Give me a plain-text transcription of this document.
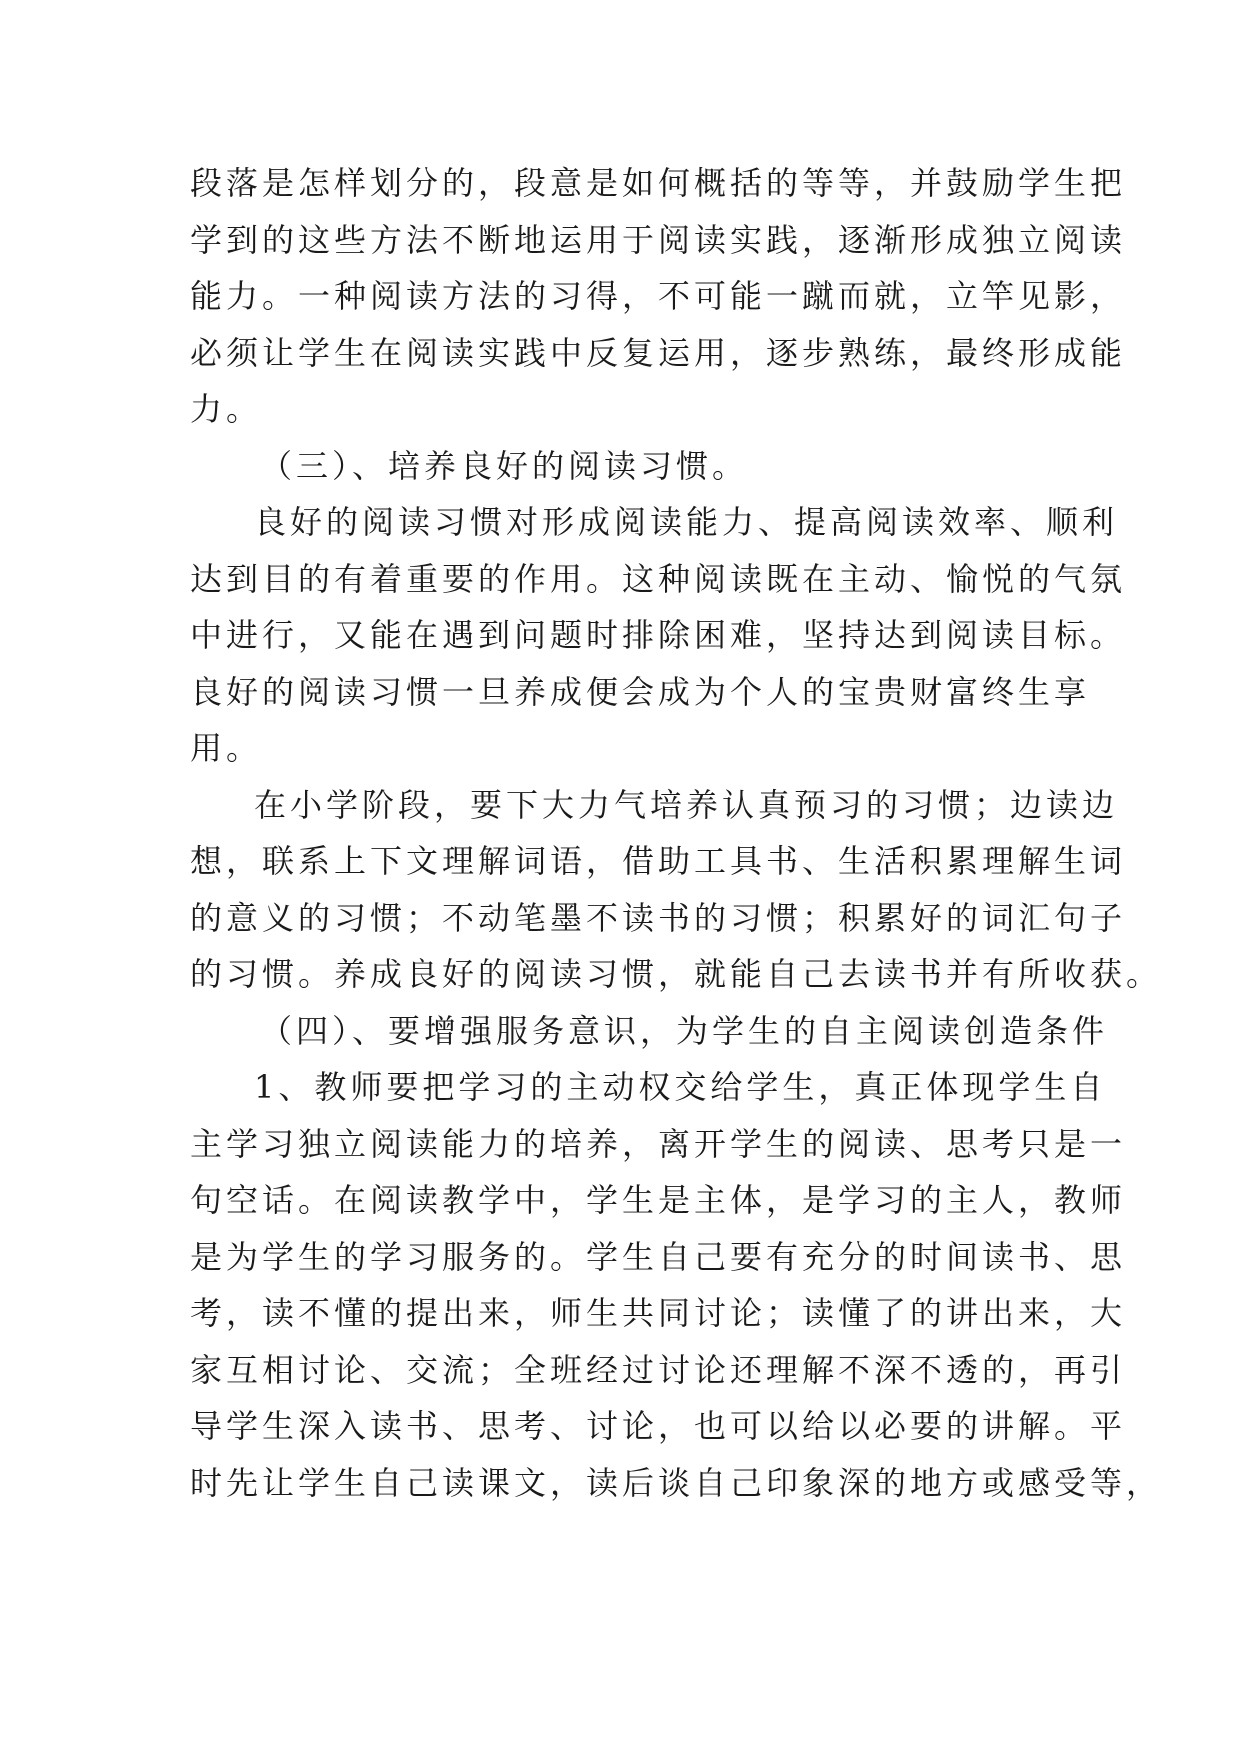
段落是怎样划分的，段意是如何概括的等等，并鼓励学生把
学到的这些方法不断地运用于阅读实践，逐渐形成独立阅读
能力。一种阅读方法的习得，不可能一蹴而就，立竿见影，
必须让学生在阅读实践中反复运用，逐步熟练，最终形成能
力。
（三）、培养良好的阅读习惯。
良好的阅读习惯对形成阅读能力、提高阅读效率、顺利
达到目的有着重要的作用。这种阅读既在主动、愉悦的气氛
中进行，又能在遇到问题时排除困难，坚持达到阅读目标。
良好的阅读习惯一旦养成便会成为个人的宝贵财富终生享
用。
在小学阶段，要下大力气培养认真预习的习惯；边读边
想，联系上下文理解词语，借助工具书、生活积累理解生词
的意义的习惯；不动笔墨不读书的习惯；积累好的词汇句子
的习惯。养成良好的阅读习惯，就能自己去读书并有所收获。
（四）、要增强服务意识，为学生的自主阅读创造条件
1、教师要把学习的主动权交给学生，真正体现学生自
主学习独立阅读能力的培养，离开学生的阅读、思考只是一
句空话。在阅读教学中，学生是主体，是学习的主人，教师
是为学生的学习服务的。学生自己要有充分的时间读书、思
考，读不懂的提出来，师生共同讨论；读懂了的讲出来，大
家互相讨论、交流；全班经过讨论还理解不深不透的，再引
导学生深入读书、思考、讨论，也可以给以必要的讲解。平
时先让学生自己读课文，读后谈自己印象深的地方或感受等，
